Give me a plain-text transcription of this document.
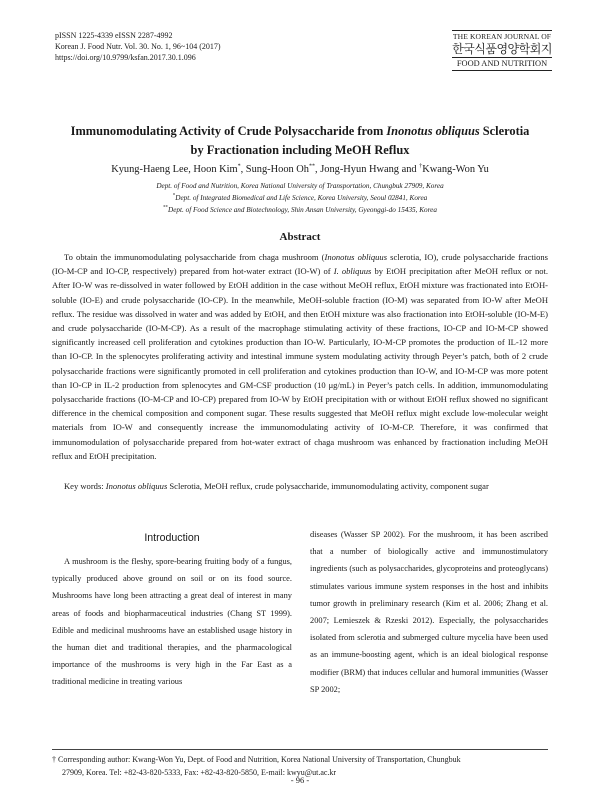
pISSN 1225-4339 eISSN 2287-4992
Korean J. Food Nutr. Vol. 30. No. 1, 96~104 (2017)
https://doi.org/10.9799/ksfan.2017.30.1.096
THE KOREAN JOURNAL OF
한국식품영양학회지
FOOD AND NUTRITION
Immunomodulating Activity of Crude Polysaccharide from Inonotus obliquus Sclerotia
by Fractionation including MeOH Reflux
Kyung-Haeng Lee, Hoon Kim*, Sung-Hoon Oh**, Jong-Hyun Hwang and †Kwang-Won Yu
Dept. of Food and Nutrition, Korea National University of Transportation, Chungbuk 27909, Korea
*Dept. of Integrated Biomedical and Life Science, Korea University, Seoul 02841, Korea
**Dept. of Food Science and Biotechnology, Shin Ansan University, Gyeonggi-do 15435, Korea
Abstract

To obtain the immunomodulating polysaccharide from chaga mushroom (Inonotus obliquus sclerotia, IO), crude polysaccharide fractions (IO-M-CP and IO-CP, respectively) prepared from hot-water extract (IO-W) of I. obliquus by EtOH precipitation after MeOH reflux or not. After IO-W was re-dissolved in water followed by EtOH addition in the case without MeOH reflux, EtOH mixture was fractionated into EtOH-soluble (IO-E) and crude polysaccharide (IO-CP). In the meanwhile, MeOH-soluble fraction (IO-M) was separated from IO-W after MeOH reflux. The residue was dissolved in water and was added by EtOH, and then EtOH mixture was also fractionation into EtOH-soluble (IO-M-E) and crude polysaccharide (IO-M-CP). As a result of the macrophage stimulating activity of these fractions, IO-CP and IO-M-CP showed significantly increased cell proliferation and cytokines production than IO-W. Particularly, IO-M-CP promotes the production of IL-12 more than IO-CP. In the splenocytes proliferating activity and intestinal immune system modulating activity through Peyer’s patch, both of 2 crude polysaccharide fractions were significantly promoted in cell proliferation and cytokines production than IO-W, and IO-M-CP was more potent than IO-CP in IL-2 production from splenocytes and GM-CSF production (10 μg/mL) in Peyer’s patch cells. In addition, immunomodulating polysaccharide fractions (IO-M-CP and IO-CP) prepared from IO-W by EtOH precipitation with or without EtOH reflux showed no significant difference in the chemical composition and component sugar. These results suggested that MeOH reflux might exclude low-molecular weight materials from IO-W and consequently increase the immunomodulating activity of IO-M-CP. Therefore, it was confirmed that immunomodulation of polysaccharide prepared from hot-water extract of chaga mushroom was enhanced by fractionation including MeOH reflux and EtOH precipitation.

Key words: Inonotus obliquus Sclerotia, MeOH reflux, crude polysaccharide, immunomodulating activity, component sugar
Introduction

A mushroom is the fleshy, spore-bearing fruiting body of a fungus, typically produced above ground on soil or on its food source. Mushrooms have long been attracting a great deal of interest in many areas of foods and biopharmaceutical industries (Chang ST 1999). Edible and medicinal mushrooms have an established usage history in the human diet and traditional therapies, and the pharmacological importance of the mushrooms is very high in the Far East as a traditional medicine in treating various

diseases (Wasser SP 2002). For the mushroom, it has been ascribed that a number of biologically active and immunostimulatory ingredients (such as polysaccharides, glycoproteins and proteoglycans) stimulates various immune system responses in the host and inhibits tumor growth in preliminary research (Kim et al. 2006; Zhang et al. 2007; Lemieszek & Rzeski 2012). Especially, the polysaccharides isolated from sclerotia and submerged culture mycelia have been used as an immune-boosting agent, which is an ideal biological response modifier (BRM) that induces cellular and humoral immunities (Wasser SP 2002;

† Corresponding author: Kwang-Won Yu, Dept. of Food and Nutrition, Korea National University of Transportation, Chungbuk
27909, Korea. Tel: +82-43-820-5333, Fax: +82-43-820-5850, E-mail: kwyu@ut.ac.kr
- 96 -
